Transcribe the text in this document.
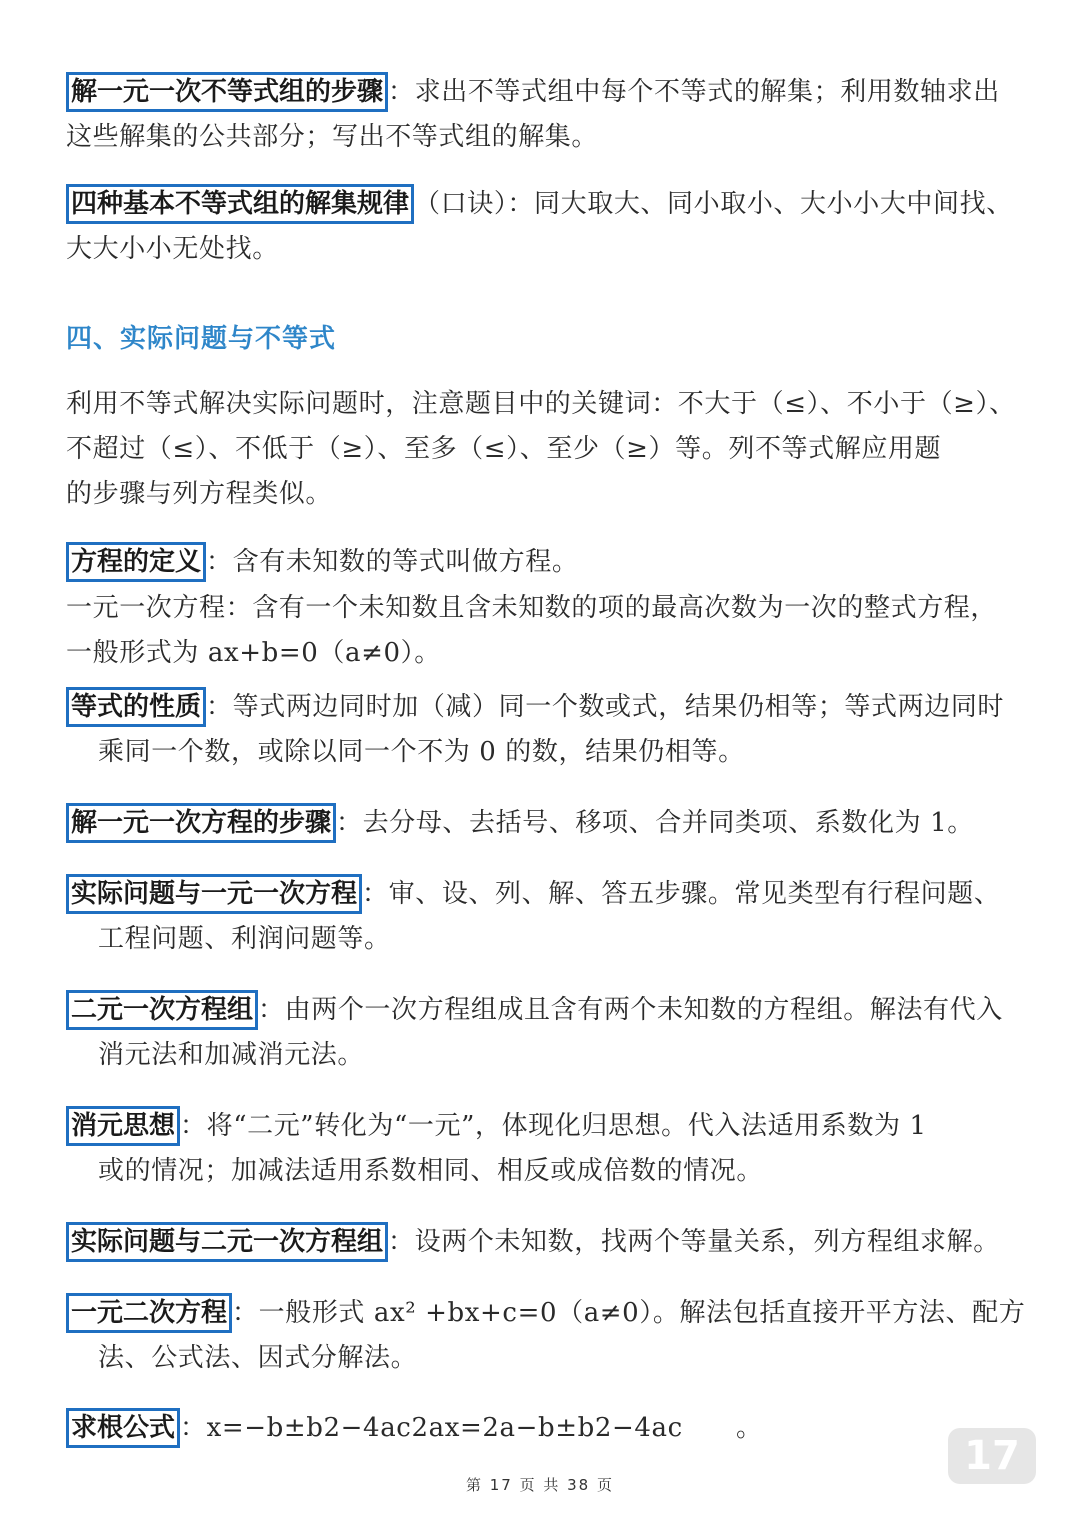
解一元一次不等式组的步骤 ：求出不等式组中每个不等式的解集；利用数轴求出
这些解集的公共部分；写出不等式组的解集。
四种基本不等式组的解集规律 （口诀）：同大取大、同小取小、大小小大中间找、
大大小小无处找。
四、实际问题与不等式
利用不等式解决实际问题时，注意题目中的关键词：不大于（≤）、不小于（≥）、
不超过（≤）、不低于（≥）、至多（≤）、至少（≥）等。列不等式解应用题
的步骤与列方程类似。
方程的定义 ：含有未知数的等式叫做方程。
一元一次方程：含有一个未知数且含未知数的项的最高次数为一次的整式方程，
一般形式为 ax+b=0（a≠0）。
等式的性质 ：等式两边同时加（减）同一个数或式，结果仍相等；等式两边同时
乘同一个数，或除以同一个不为 0 的数，结果仍相等。
解一元一次方程的步骤 ：去分母、去括号、移项、合并同类项、系数化为 1。
实际问题与一元一次方程 ：审、设、列、解、答五步骤。常见类型有行程问题、
工程问题、利润问题等。
二元一次方程组 ：由两个一次方程组成且含有两个未知数的方程组。解法有代入
消元法和加减消元法。
消元思想 ：将“二元”转化为“一元”，体现化归思想。代入法适用系数为 1
或的情况；加减法适用系数相同、相反或成倍数的情况。
实际问题与二元一次方程组 ：设两个未知数，找两个等量关系，列方程组求解。
一元二次方程 ：一般形式 ax² +bx+c=0（a≠0）。解法包括直接开平方法、配方
法、公式法、因式分解法。
求根公式 ：x=−b±b2−4ac2ax=2a−b±b2−4ac　　。
17
第 17 页 共 38 页
